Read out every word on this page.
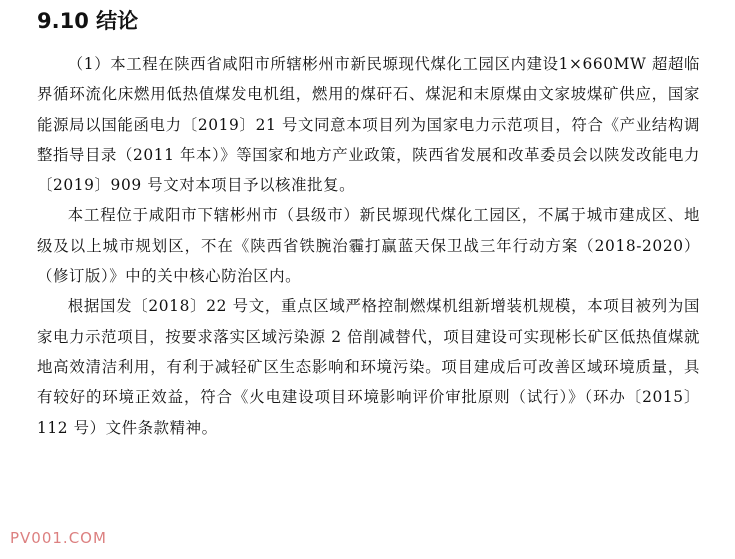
9.10 结论

（1）本工程在陕西省咸阳市所辖彬州市新民塬现代煤化工园区内建设1×660MW 超超临界循环流化床燃用低热值煤发电机组，燃用的煤矸石、煤泥和末原煤由文家坡煤矿供应，国家能源局以国能函电力〔2019〕21 号文同意本项目列为国家电力示范项目，符合《产业结构调整指导目录（2011 年本）》等国家和地方产业政策，陕西省发展和改革委员会以陕发改能电力〔2019〕909 号文对本项目予以核准批复。

本工程位于咸阳市下辖彬州市（县级市）新民塬现代煤化工园区，不属于城市建成区、地级及以上城市规划区，不在《陕西省铁腕治霾打赢蓝天保卫战三年行动方案（2018-2020）（修订版）》中的关中核心防治区内。

根据国发〔2018〕22 号文，重点区域严格控制燃煤机组新增装机规模，本项目被列为国家电力示范项目，按要求落实区域污染源 2 倍削减替代，项目建设可实现彬长矿区低热值煤就地高效清洁利用，有利于减轻矿区生态影响和环境污染。项目建成后可改善区域环境质量，具有较好的环境正效益，符合《火电建设项目环境影响评价审批原则（试行）》（环办〔2015〕112 号）文件条款精神。

PV001.COM
